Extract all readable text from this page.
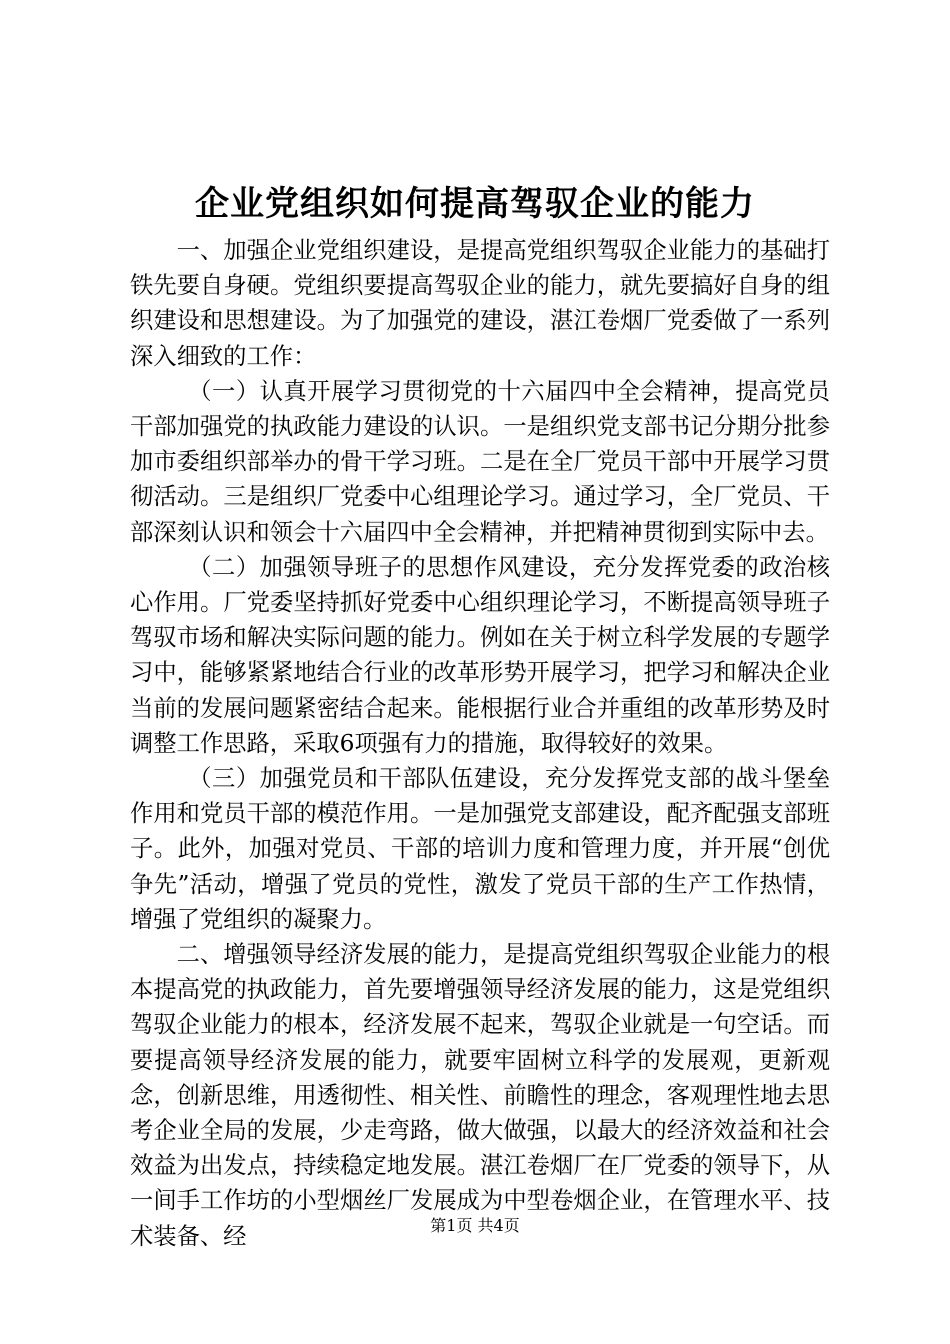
企业党组织如何提高驾驭企业的能力

一、加强企业党组织建设，是提高党组织驾驭企业能力的基础打铁先要自身硬。党组织要提高驾驭企业的能力，就先要搞好自身的组织建设和思想建设。为了加强党的建设，湛江卷烟厂党委做了一系列深入细致的工作：

（一）认真开展学习贯彻党的十六届四中全会精神，提高党员干部加强党的执政能力建设的认识。一是组织党支部书记分期分批参加市委组织部举办的骨干学习班。二是在全厂党员干部中开展学习贯彻活动。三是组织厂党委中心组理论学习。通过学习，全厂党员、干部深刻认识和领会十六届四中全会精神，并把精神贯彻到实际中去。

（二）加强领导班子的思想作风建设，充分发挥党委的政治核心作用。厂党委坚持抓好党委中心组织理论学习，不断提高领导班子驾驭市场和解决实际问题的能力。例如在关于树立科学发展的专题学习中，能够紧紧地结合行业的改革形势开展学习，把学习和解决企业当前的发展问题紧密结合起来。能根据行业合并重组的改革形势及时调整工作思路，采取6项强有力的措施，取得较好的效果。

（三）加强党员和干部队伍建设，充分发挥党支部的战斗堡垒作用和党员干部的模范作用。一是加强党支部建设，配齐配强支部班子。此外，加强对党员、干部的培训力度和管理力度，并开展“创优争先”活动，增强了党员的党性，激发了党员干部的生产工作热情，增强了党组织的凝聚力。

二、增强领导经济发展的能力，是提高党组织驾驭企业能力的根本提高党的执政能力，首先要增强领导经济发展的能力，这是党组织驾驭企业能力的根本，经济发展不起来，驾驭企业就是一句空话。而要提高领导经济发展的能力，就要牢固树立科学的发展观，更新观念，创新思维，用透彻性、相关性、前瞻性的理念，客观理性地去思考企业全局的发展，少走弯路，做大做强，以最大的经济效益和社会效益为出发点，持续稳定地发展。湛江卷烟厂在厂党委的领导下，从一间手工作坊的小型烟丝厂发展成为中型卷烟企业，在管理水平、技术装备、经	第1页 共4页
